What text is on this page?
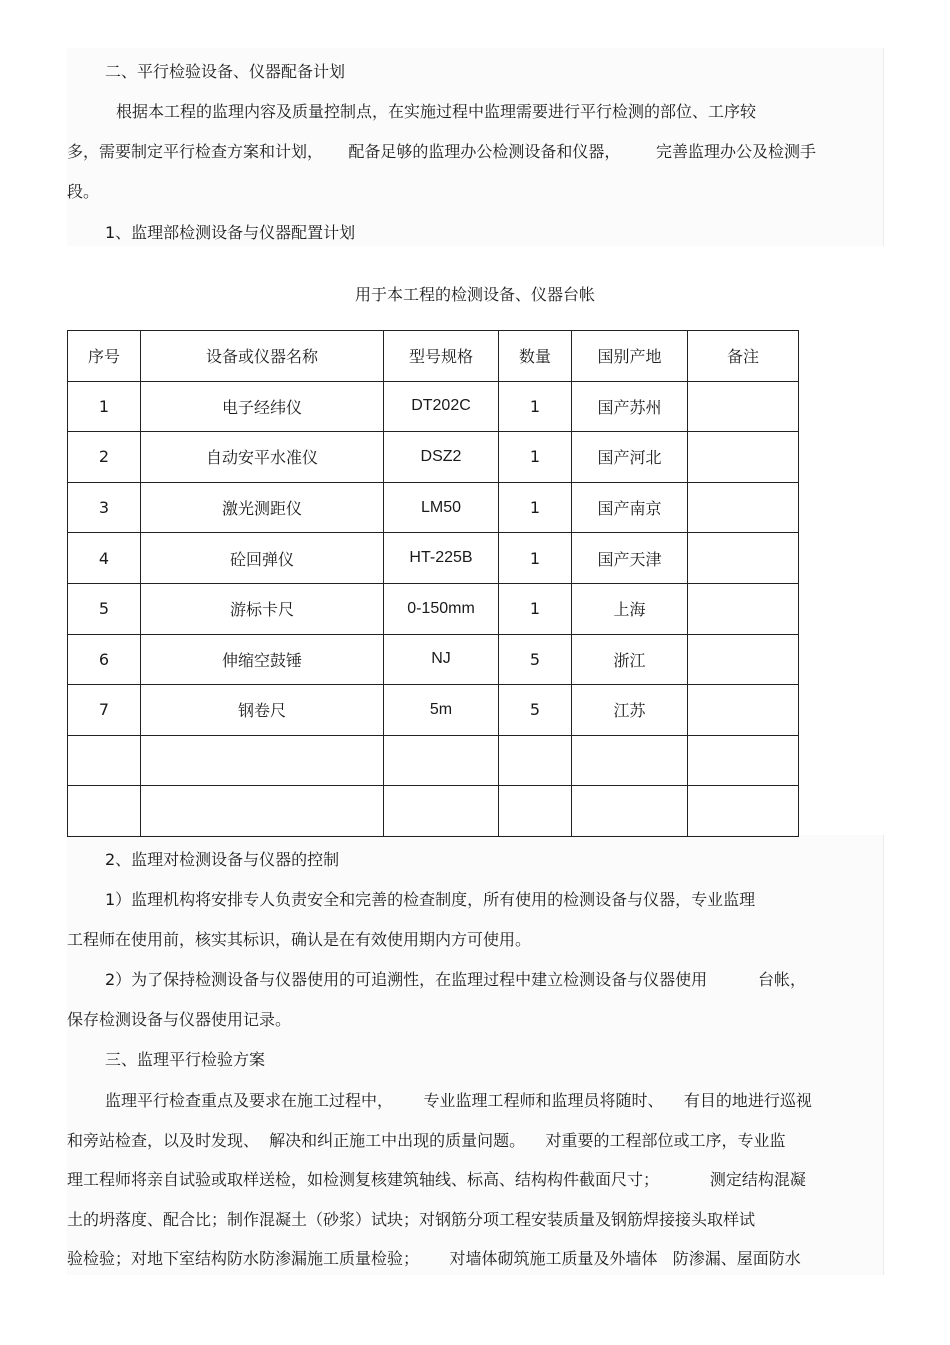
二、平行检验设备、仪器配备计划

根据本工程的监理内容及质量控制点，在实施过程中监理需要进行平行检测的部位、工序较

多，需要制定平行检查方案和计划，     配备足够的监理办公检测设备和仪器，       完善监理办公及检测手

段。

1、监理部检测设备与仪器配置计划

用于本工程的检测设备、仪器台帐
序号	设备或仪器名称	型号规格	数量	国别产地	备注
1	电子经纬仪	DT202C	1	国产苏州	
2	自动安平水准仪	DSZ2	1	国产河北	
3	激光测距仪	LM50	1	国产南京	
4	砼回弹仪	HT-225B	1	国产天津	
5	游标卡尺	0-150mm	1	上海	
6	伸缩空鼓锤	NJ	5	浙江	
7	钢卷尺	5m	5	江苏	

2、监理对检测设备与仪器的控制

1）监理机构将安排专人负责安全和完善的检查制度，所有使用的检测设备与仪器，专业监理

工程师在使用前，核实其标识，确认是在有效使用期内方可使用。

2）为了保持检测设备与仪器使用的可追溯性，在监理过程中建立检测设备与仪器使用          台帐，

保存检测设备与仪器使用记录。

三、监理平行检验方案

监理平行检查重点及要求在施工过程中，      专业监理工程师和监理员将随时、    有目的地进行巡视

和旁站检查，以及时发现、  解决和纠正施工中出现的质量问题。    对重要的工程部位或工序，专业监

理工程师将亲自试验或取样送检，如检测复核建筑轴线、标高、结构构件截面尺寸；          测定结构混凝

土的坍落度、配合比；制作混凝土（砂浆）试块；对钢筋分项工程安装质量及钢筋焊接接头取样试

验检验；对地下室结构防水防渗漏施工质量检验；      对墙体砌筑施工质量及外墙体   防渗漏、屋面防水
